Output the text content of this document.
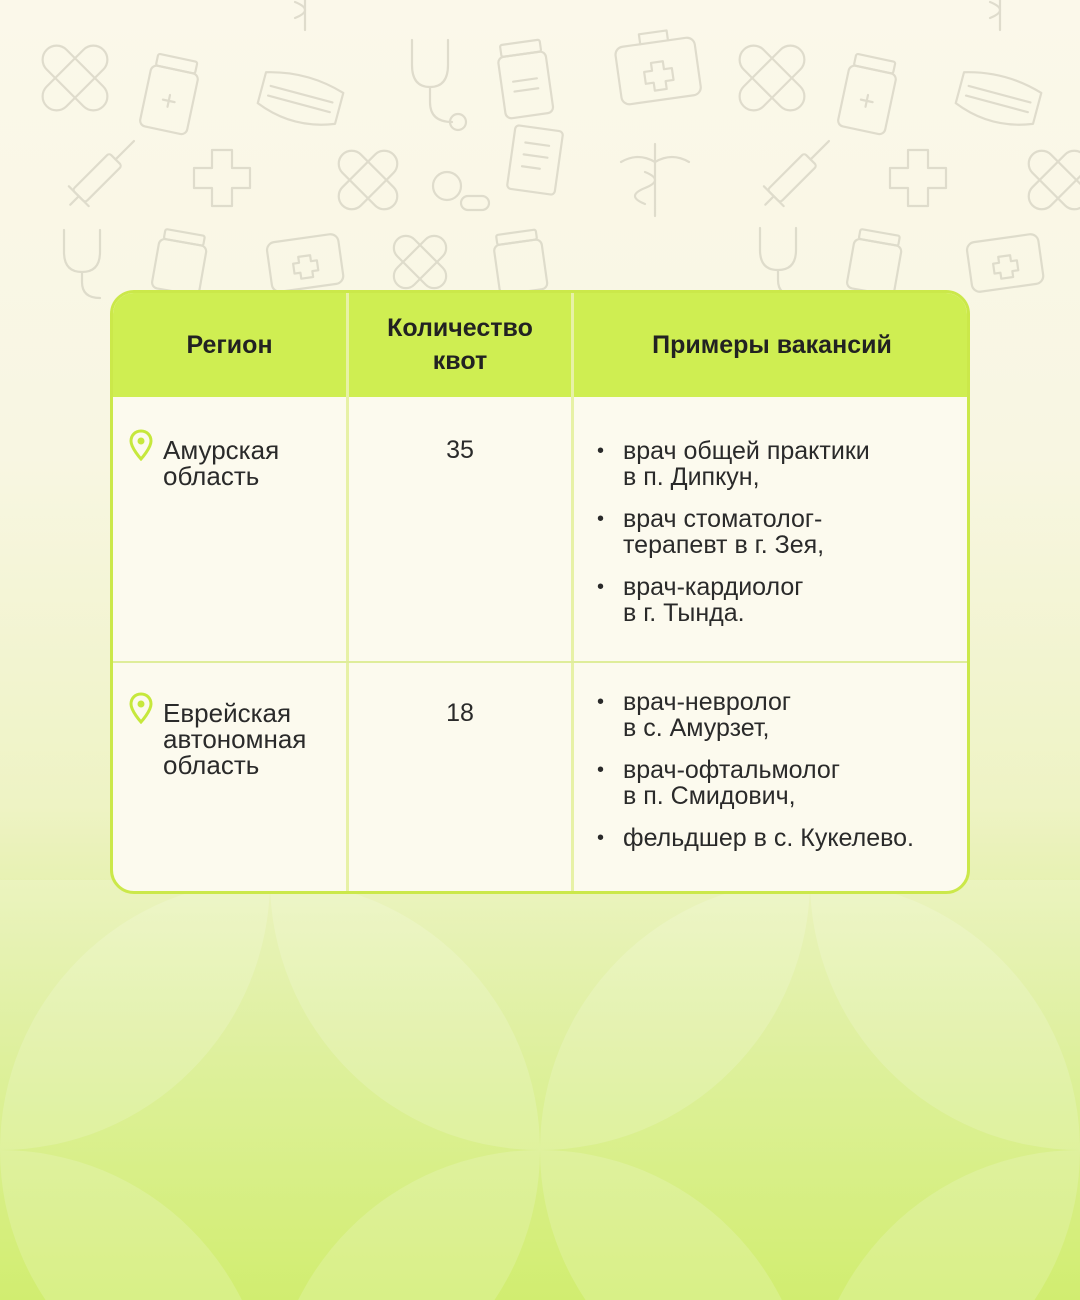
Регион
Количество
квот
Примеры вакансий
Амурская
область
35	• врач общей практики
в п. Дипкун,
• врач стоматолог-
терапевт в г. Зея,
• врач-кардиолог
в г. Тында.
Еврейская
автономная
область
18	• врач-невролог
в с. Амурзет,
• врач-офтальмолог
в п. Смидович,
• фельдшер в с. Кукелево.
